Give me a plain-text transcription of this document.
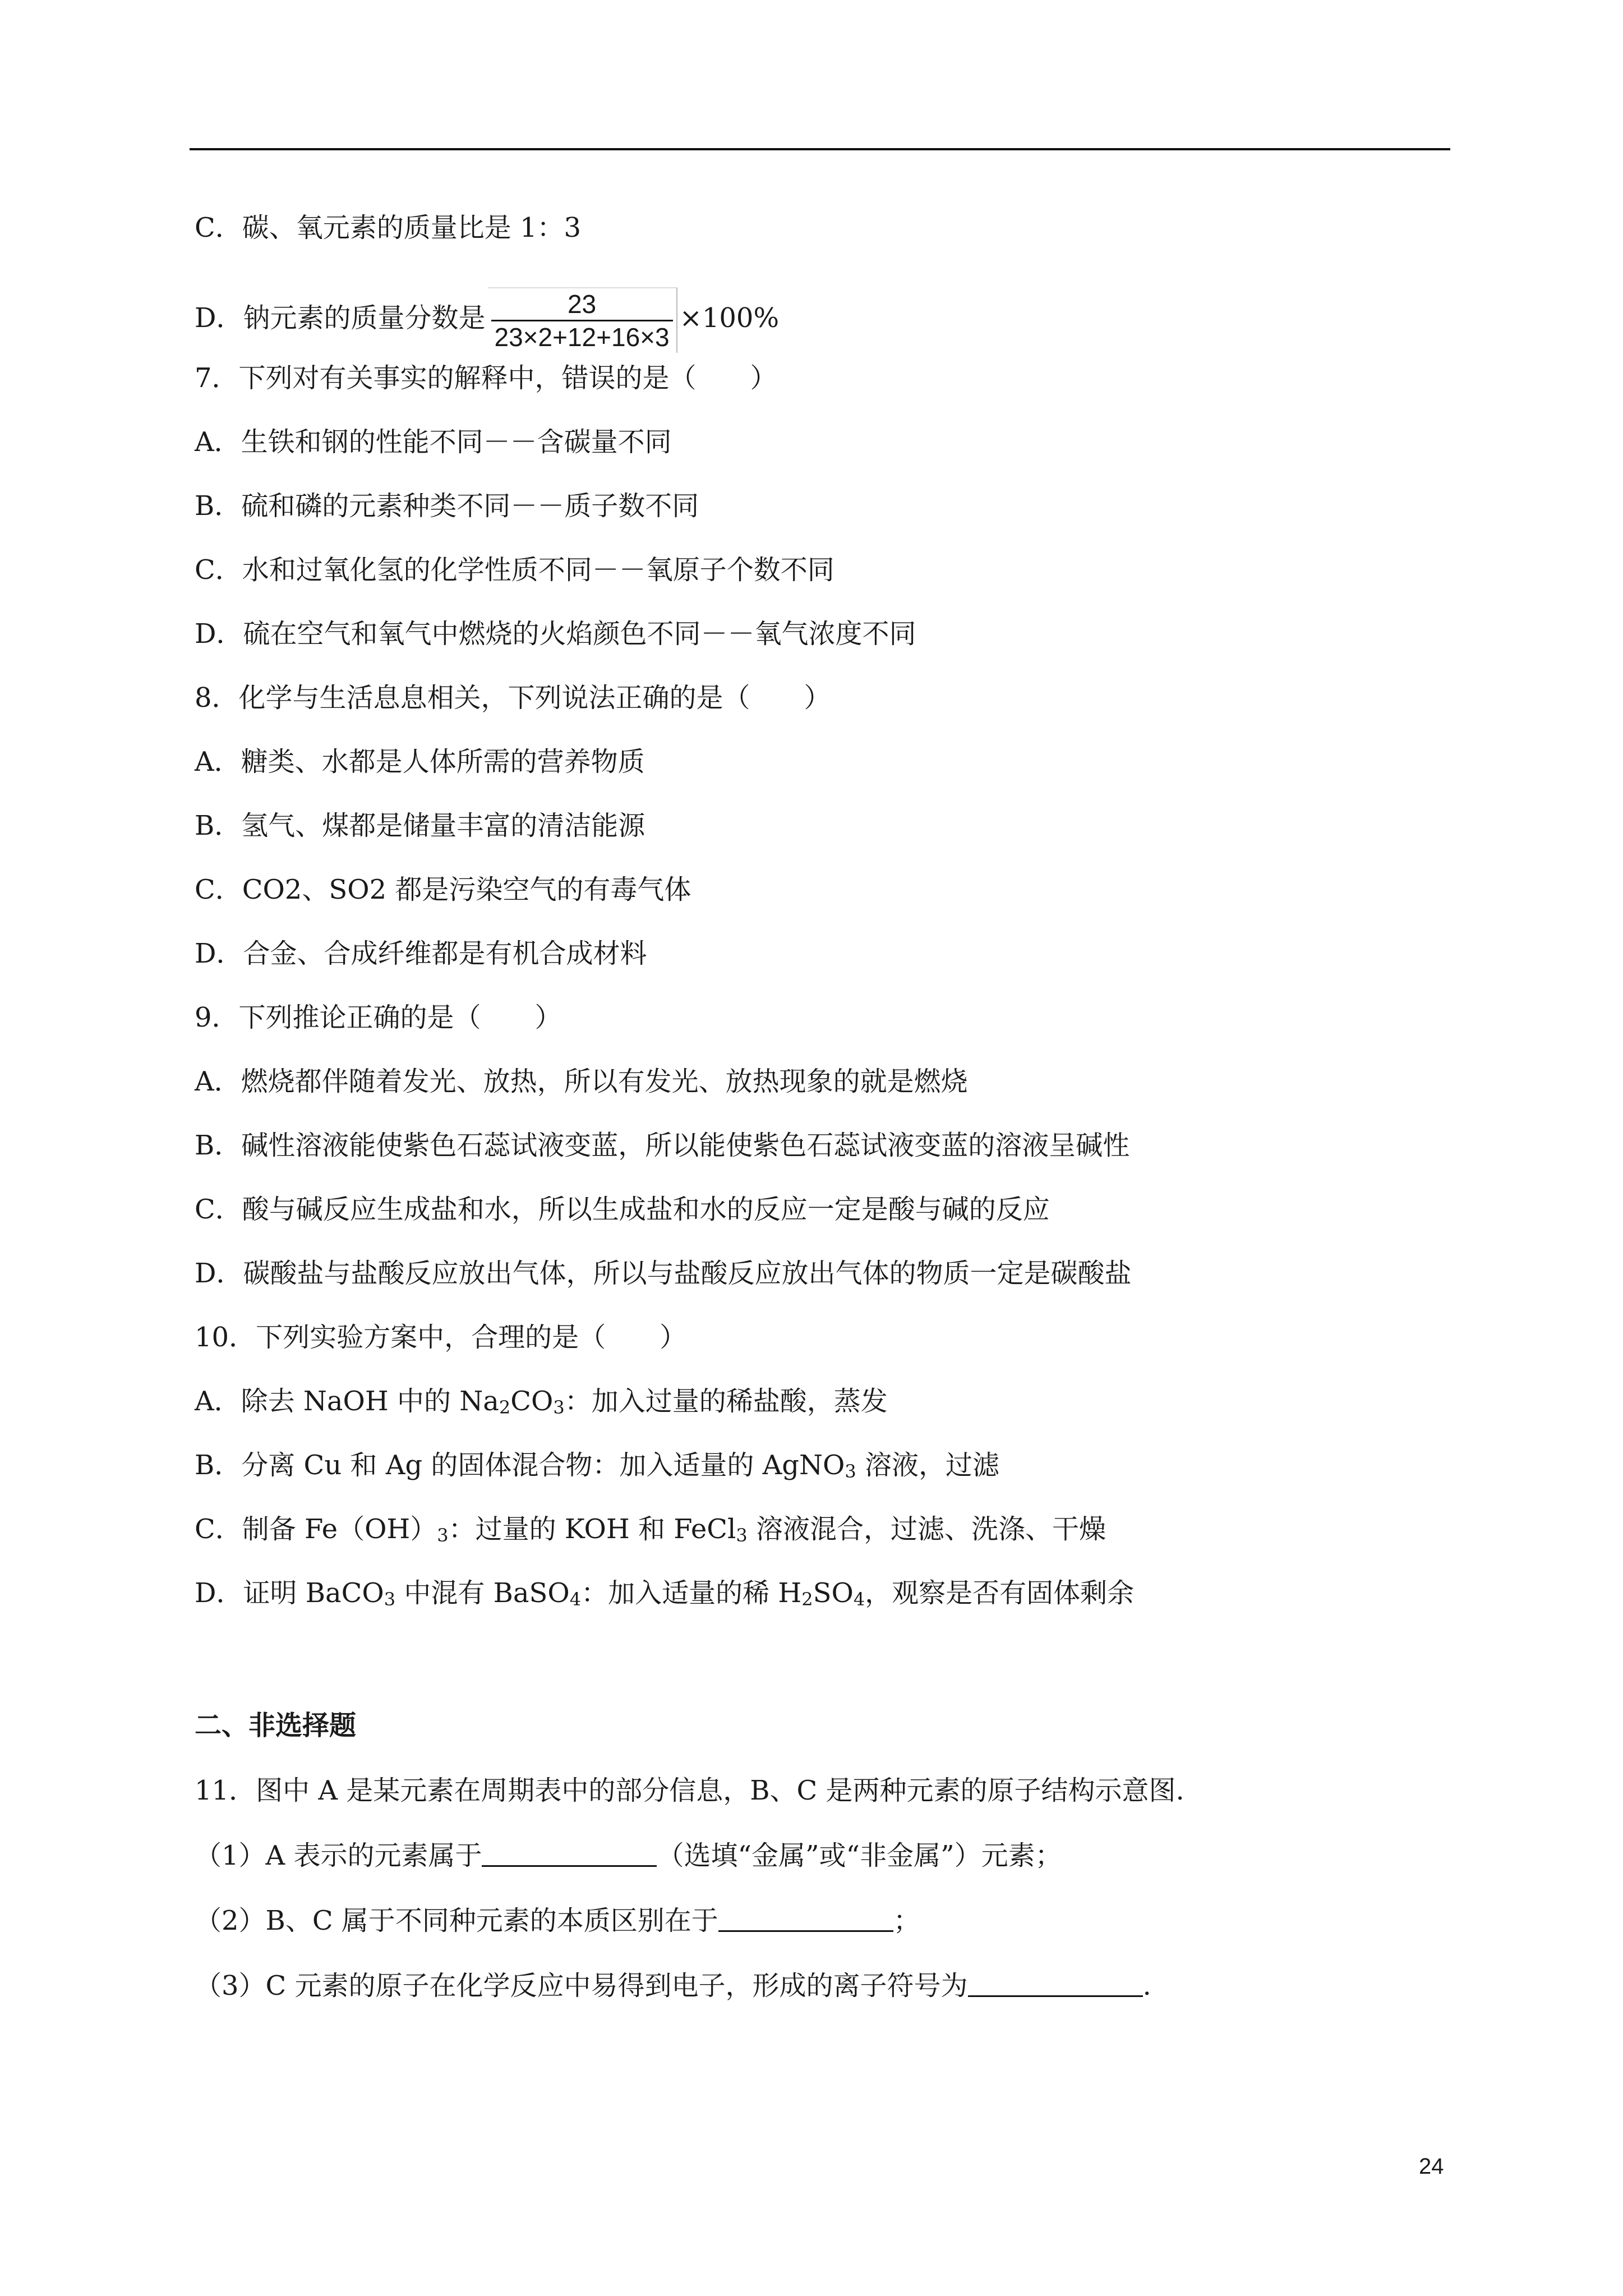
C．碳、氧元素的质量比是 1：3
D．钠元素的质量分数是 $\frac{23}{23\times 2+12+16\times 3} \times 100\%$
7．下列对有关事实的解释中，错误的是（　　）
A．生铁和钢的性能不同－－含碳量不同
B．硫和磷的元素种类不同－－质子数不同
C．水和过氧化氢的化学性质不同－－氧原子个数不同
D．硫在空气和氧气中燃烧的火焰颜色不同－－氧气浓度不同
8．化学与生活息息相关，下列说法正确的是（　　）
A．糖类、水都是人体所需的营养物质
B．氢气、煤都是储量丰富的清洁能源
C．CO2、SO2 都是污染空气的有毒气体
D．合金、合成纤维都是有机合成材料
9．下列推论正确的是（　　）
A．燃烧都伴随着发光、放热，所以有发光、放热现象的就是燃烧
B．碱性溶液能使紫色石蕊试液变蓝，所以能使紫色石蕊试液变蓝的溶液呈碱性
C．酸与碱反应生成盐和水，所以生成盐和水的反应一定是酸与碱的反应
D．碳酸盐与盐酸反应放出气体，所以与盐酸反应放出气体的物质一定是碳酸盐
10．下列实验方案中，合理的是（　　）
A．除去 NaOH 中的 $Na_2CO_3$：加入过量的稀盐酸，蒸发
B．分离 Cu 和 Ag 的固体混合物：加入适量的 AgNO$_3$ 溶液，过滤
C．制备 $Fe(OH)_3$：过量的 KOH 和 FeCl$_3$ 溶液混合，过滤、洗涤、干燥
D．证明 BaCO$_3$ 中混有 BaSO$_4$：加入适量的稀 $H_2SO_4$，观察是否有固体剩余
二、非选择题
11．图中 A 是某元素在周期表中的部分信息，B、C 是两种元素的原子结构示意图.
（1）A 表示的元素属于	（选填“金属”或“非金属”）元素；
（2）B、C 属于不同种元素的本质区别在于	；
（3）C 元素的原子在化学反应中易得到电子，形成的离子符号为	.
24
